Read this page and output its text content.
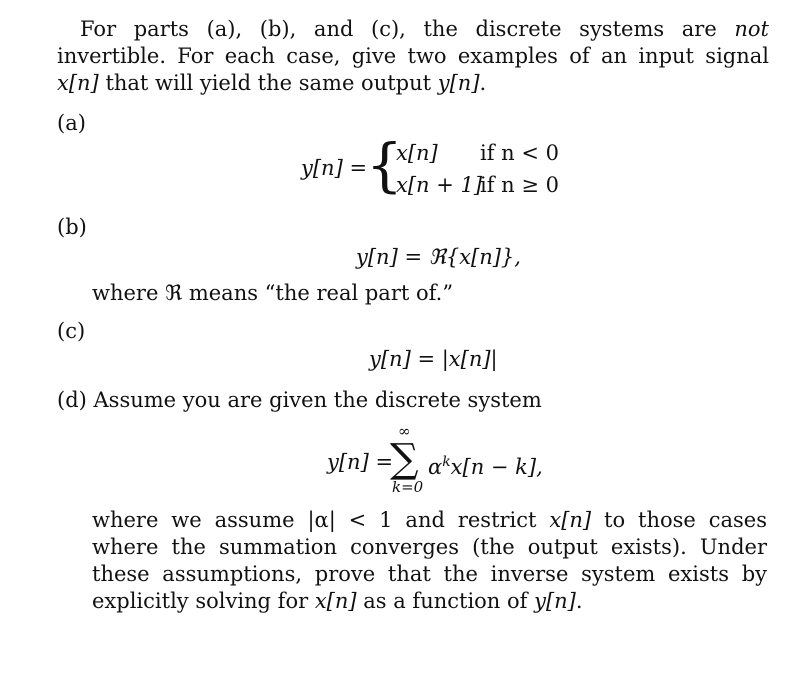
For parts (a), (b), and (c), the discrete systems are not invertible. For each case, give two examples of an input signal x[n] that will yield the same output y[n].
(a)
y[n] =
{
x[n] if n < 0
x[n + 1]
if n ≥ 0
(b)
y[n] = ℜ{x[n]},
where ℜ means “the real part of.”
(c)
y[n] = |x[n]|
(d) Assume you are given the discrete system
y[n] =
∞
∑
k=0
$\alpha^kx[n - k]$,
where we assume |α| < 1 and restrict x[n] to those cases where the summation converges (the output exists). Under these assumptions, prove that the inverse system exists by explicitly solving for x[n] as a function of y[n].
